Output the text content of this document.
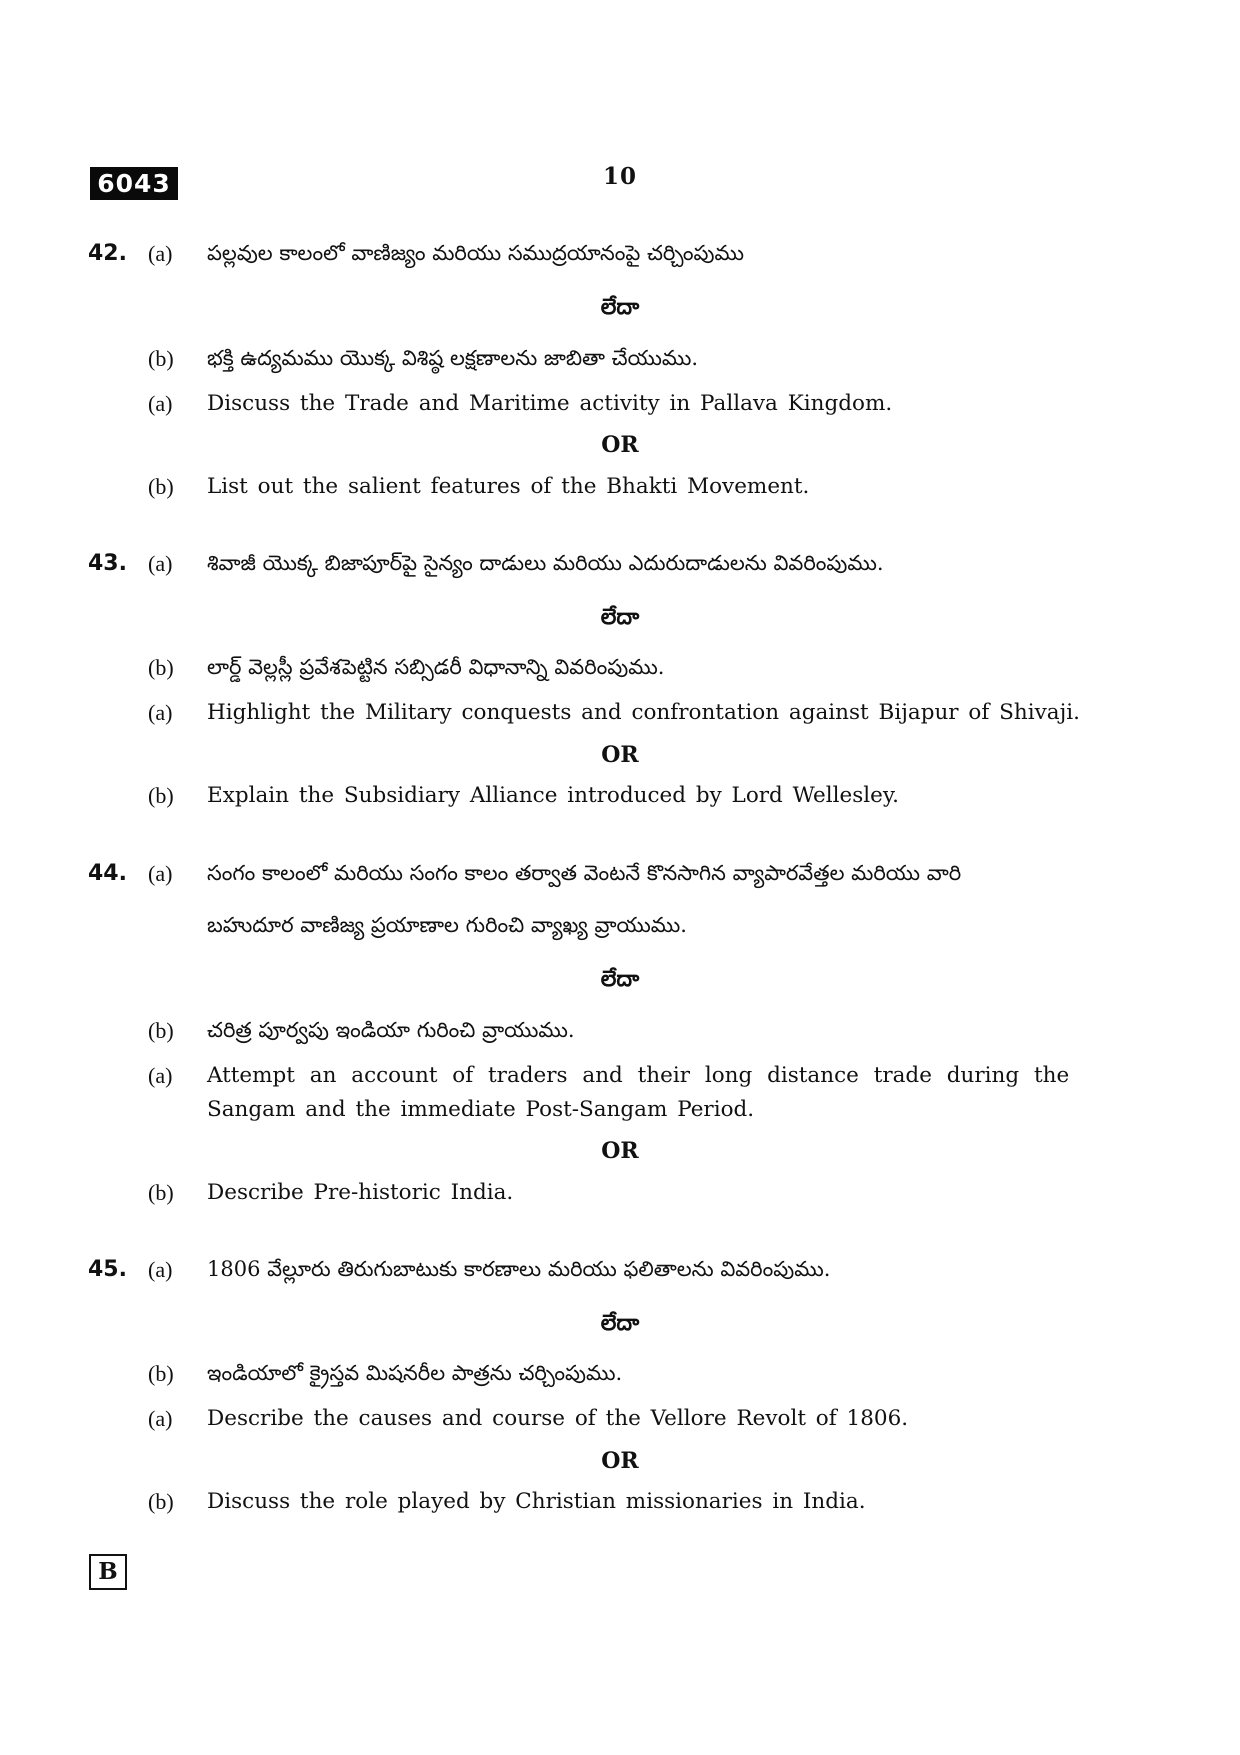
6043	10
42. (a) పల్లవుల కాలంలో వాణిజ్యం మరియు సముద్రయానంపై చర్చింపుము
లేదా
(b) భక్తి ఉద్యమము యొక్క విశిష్ఠ లక్షణాలను జాబితా చేయుము.
(a) Discuss the Trade and Maritime activity in Pallava Kingdom.
OR
(b) List out the salient features of the Bhakti Movement.
43. (a) శివాజీ యొక్క బిజాపూర్‌పై సైన్యం దాడులు మరియు ఎదురుదాడులను వివరింపుము.
లేదా
(b) లార్డ్ వెల్లస్లీ ప్రవేశపెట్టిన సబ్సిడరీ విధానాన్ని వివరింపుము.
(a) Highlight the Military conquests and confrontation against Bijapur of Shivaji.
OR
(b) Explain the Subsidiary Alliance introduced by Lord Wellesley.
44. (a) సంగం కాలంలో మరియు సంగం కాలం తర్వాత వెంటనే కొనసాగిన వ్యాపారవేత్తల మరియు వారి
బహుదూర వాణిజ్య ప్రయాణాల గురించి వ్యాఖ్య వ్రాయుము.
లేదా
(b) చరిత్ర పూర్వపు ఇండియా గురించి వ్రాయుము.
(a) Attempt an account of traders and their long distance trade during the
Sangam and the immediate Post-Sangam Period.
OR
(b) Describe Pre-historic India.
45. (a) 1806 వేల్లూరు తిరుగుబాటుకు కారణాలు మరియు ఫలితాలను వివరింపుము.
లేదా
(b) ఇండియాలో క్రైస్తవ మిషనరీల పాత్రను చర్చింపుము.
(a) Describe the causes and course of the Vellore Revolt of 1806.
OR
(b) Discuss the role played by Christian missionaries in India.
B
